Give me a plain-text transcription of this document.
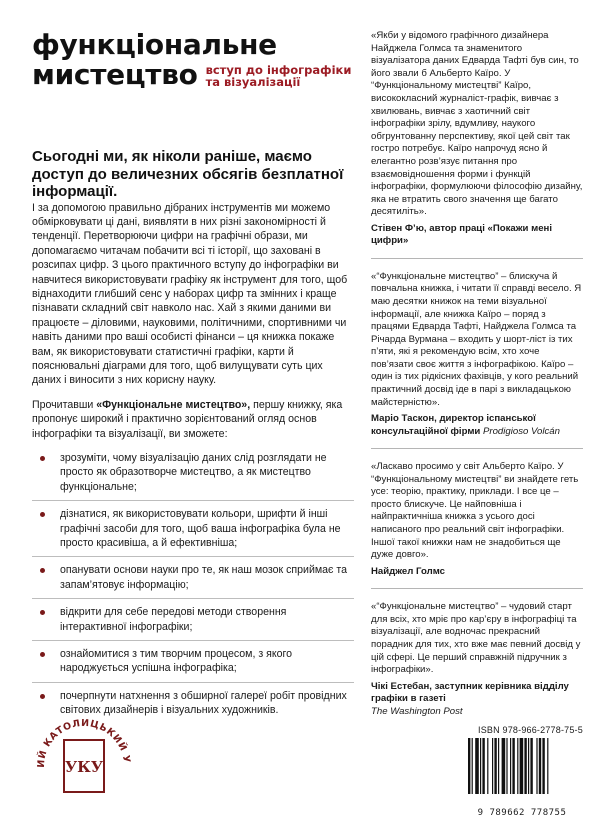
функціональне
мистецтво вступ до інфографіки
та візуалізації
Сьогодні ми, як ніколи раніше, маємо доступ до величезних обсягів безплатної інформації.

І за допомогою правильно дібраних інструментів ми можемо обмірковувати ці дані, виявляти в них різні закономірності й тенденції. Перетворюючи цифри на графічні образи, ми допомагаємо читачам побачити всі ті історії, що заховані в розсипах цифр. З цього практичного вступу до інфографіки ви навчитеся використовувати графіку як інструмент для того, щоб віднаходити глибший сенс у наборах цифр та змінних і краще пізнавати складний світ навколо нас. Хай з якими даними ви працюєте – діловими, науковими, політичними, спортивними чи навіть даними про ваші особисті фінанси – ця книжка покаже вам, як використовувати статистичні графіки, карти й пояснювальні діаграми для того, щоб вилущувати суть цих даних і виносити з них корисну науку.

Прочитавши «Функціональне мистецтво», першу книжку, яка пропонує широкий і практично зорієнтований огляд основ інфографіки та візуалізації, ви зможете:

зрозуміти, чому візуалізацію даних слід розглядати не просто як образотворче мистецтво, а як мистецтво функціональне;
дізнатися, як використовувати кольори, шрифти й інші графічні засоби для того, щоб ваша інфографіка була не просто красивіша, а й ефективніша;
опанувати основи науки про те, як наш мозок сприймає та запам’ятовує інформацію;
відкрити для себе передові методи створення інтерактивної інфографіки;
ознайомитися з тим творчим процесом, з якого народжується успішна інфографіка;
почерпнути натхнення з обширної галереї робіт провідних світових дизайнерів і візуальних художників.
«Якби у відомого графічного дизайнера Найджела Голмса та знаменитого візуалізатора даних Едварда Тафті був син, то його звали б Альберто Каїро. У “Функціональному мистецтві” Каїро, висококласний журналіст-графік, вивчає з хвилювань, вивчає з хаотичний світ інфографіки зрілу, вдумливу, наукого обгрунтованну перспективу, якої цей світ так гостро потребує. Каїро напрочуд ясно й елегантно розв’язує питання про взаємовідношення форми і функцій інфографіки, формулюючи філософію дизайну, яка не втратить свого значення ще багато десятиліть».
Стівен Ф’ю, автор праці «Покажи мені цифри»
«“Функціональне мистецтво” – блискуча й повчальна книжка, і читати її справді весело. Я маю десятки книжок на теми візуальної інформації, але книжка Каїро – поряд з працями Едварда Тафті, Найджела Голмса та Річарда Вурмана – входить у шорт-ліст із тих п’яти, які я рекомендую всім, хто хоче пов’язати своє життя з інфографікою. Каїро – один із тих рідкісних фахівців, у кого реальний практичний досвід іде в парі з викладацькою майстерністю».
Маріо Таскон, директор іспанської консультаційної фірми Prodigioso Volcán
«Ласкаво просимо у світ Альберто Каїро. У “Функціональному мистецтві” ви знайдете геть усе: теорію, практику, приклади. І все це – просто блискуче. Це найповніша і найпрактичніша книжка з усього досі написаного про реальний світ інфографіки. Іншої такої книжки нам не знадобиться ще дуже довго».
Найджел Голмс
«“Функціональне мистецтво” – чудовий старт для всіх, хто мріє про кар’єру в інфографіці та візуалізації, але водночас прекрасний порадник для тих, хто вже має певний досвід у цій сфері. Це перший справжній підручник з інфографіки».
Чікі Естебан, заступник керівника відділу графіки в газеті
The Washington Post
ИЙ КАТОЛИЦЬКИЙ У
УКУ
ISBN 978-966-2778-75-5
9 789662 778755
